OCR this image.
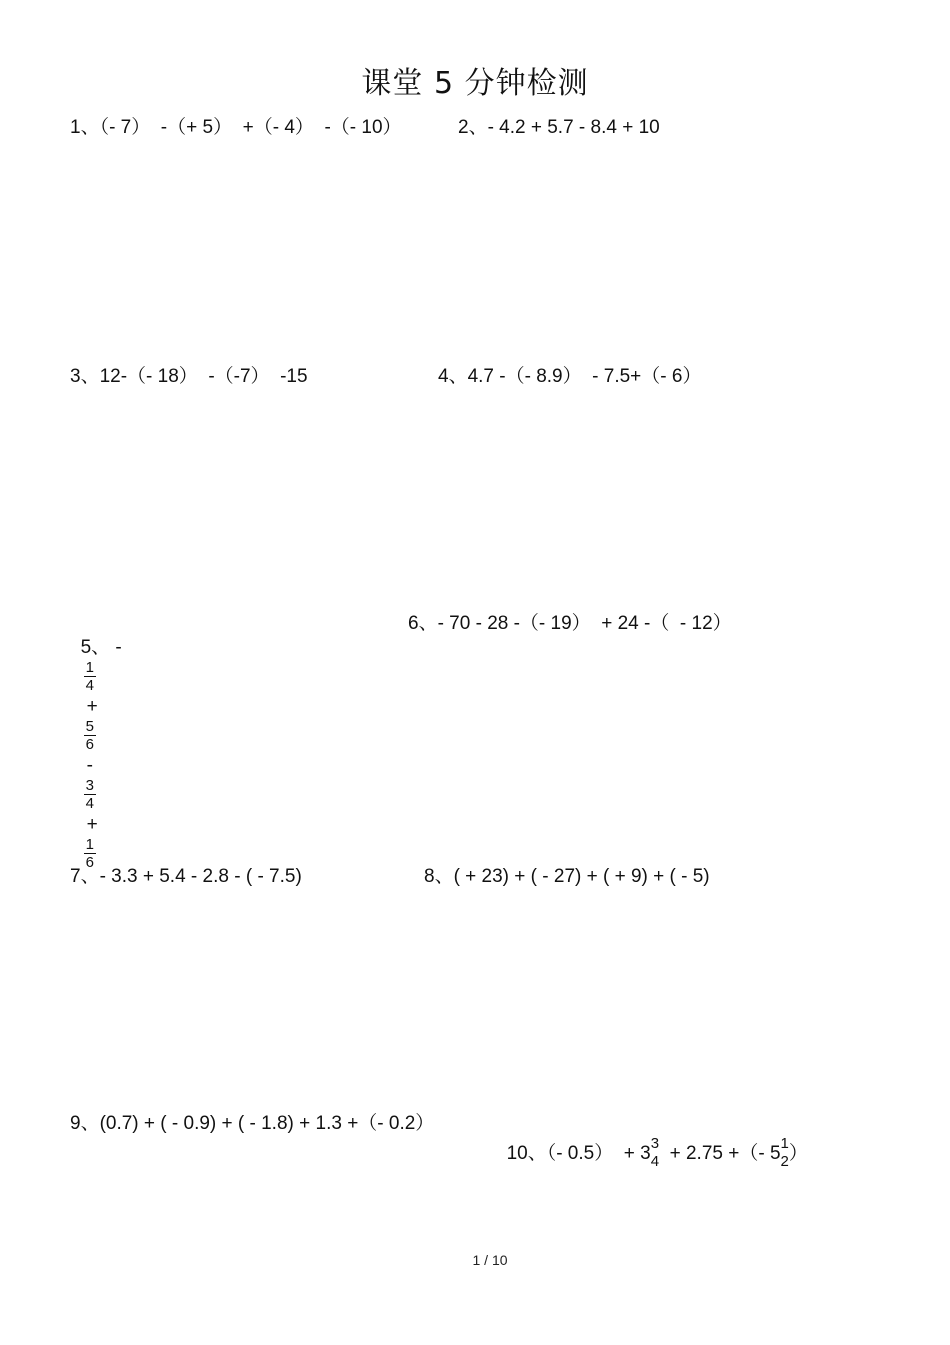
课堂 5 分钟检测
1、（- 7）  -（+ 5）  +（- 4）  -（- 10）	2、- 4.2 + 5.7 - 8.4 + 10
3、12-（- 18）  -（-7）  -15	4、4.7 -（- 8.9）  - 7.5+（- 6）

5、 -

$\frac{1}{4}$

+

$\frac{5}{6}$

-

$\frac{3}{4}$

+

$\frac{1}{6}$

6、- 70 - 28 -（- 19）  + 24 -（  - 12）
7、- 3.3 + 5.4 - 2.8 - ( - 7.5)	8、( + 23) + ( - 27) + ( + 9) + ( - 5)
9、(0.7) + ( - 0.9) + ( - 1.8) + 1.3 +（- 0.2）

10、（- 0.5）  + 3 3
4 + 2.75 +（- 5 1
2 ）

1 / 10
